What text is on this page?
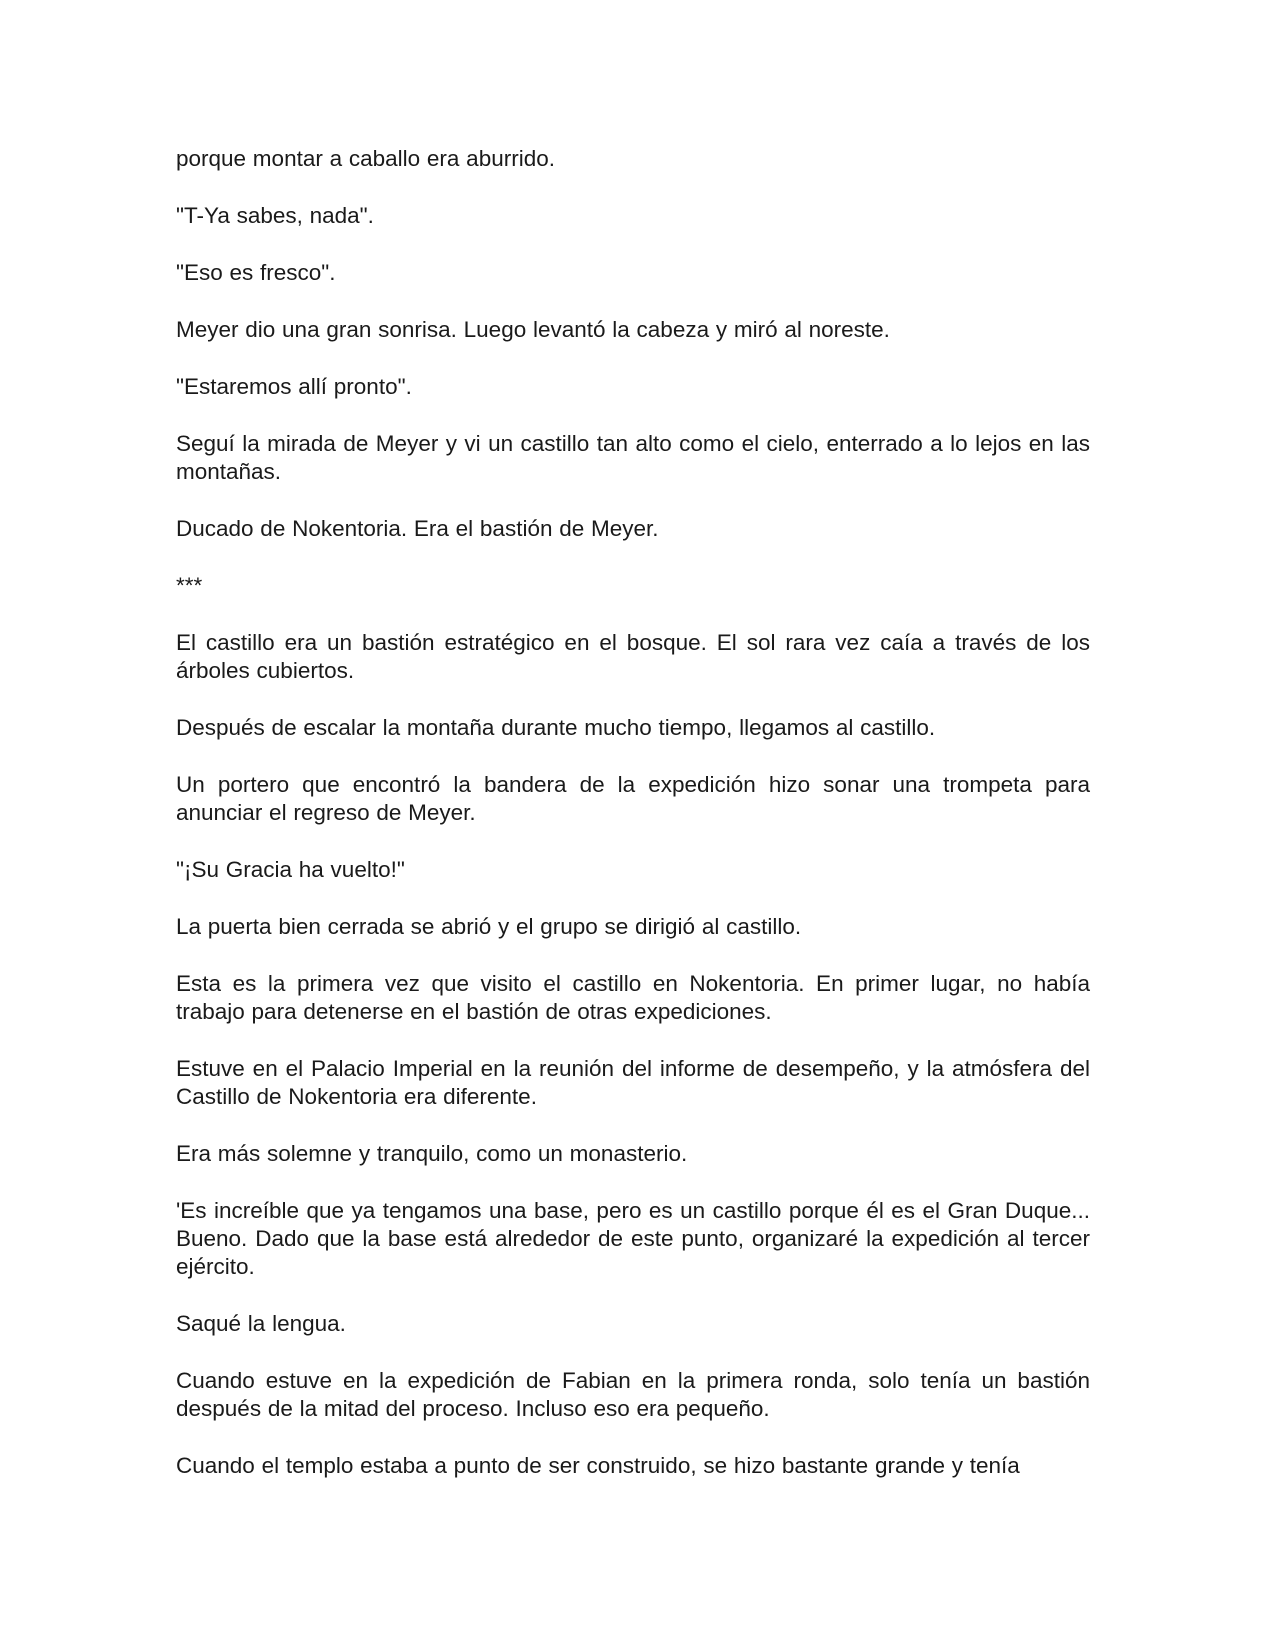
porque montar a caballo era aburrido.

"T-Ya sabes, nada".

"Eso es fresco".

Meyer dio una gran sonrisa. Luego levantó la cabeza y miró al noreste.

"Estaremos allí pronto".

Seguí la mirada de Meyer y vi un castillo tan alto como el cielo, enterrado a lo lejos en las montañas.

Ducado de Nokentoria. Era el bastión de Meyer.

***

El castillo era un bastión estratégico en el bosque. El sol rara vez caía a través de los árboles cubiertos.

Después de escalar la montaña durante mucho tiempo, llegamos al castillo.

Un portero que encontró la bandera de la expedición hizo sonar una trompeta para anunciar el regreso de Meyer.

"¡Su Gracia ha vuelto!"

La puerta bien cerrada se abrió y el grupo se dirigió al castillo.

Esta es la primera vez que visito el castillo en Nokentoria. En primer lugar, no había trabajo para detenerse en el bastión de otras expediciones.

Estuve en el Palacio Imperial en la reunión del informe de desempeño, y la atmósfera del Castillo de Nokentoria era diferente.

Era más solemne y tranquilo, como un monasterio.

'Es increíble que ya tengamos una base, pero es un castillo porque él es el Gran Duque... Bueno. Dado que la base está alrededor de este punto, organizaré la expedición al tercer ejército.

Saqué la lengua.

Cuando estuve en la expedición de Fabian en la primera ronda, solo tenía un bastión después de la mitad del proceso. Incluso eso era pequeño.

Cuando el templo estaba a punto de ser construido, se hizo bastante grande y tenía
